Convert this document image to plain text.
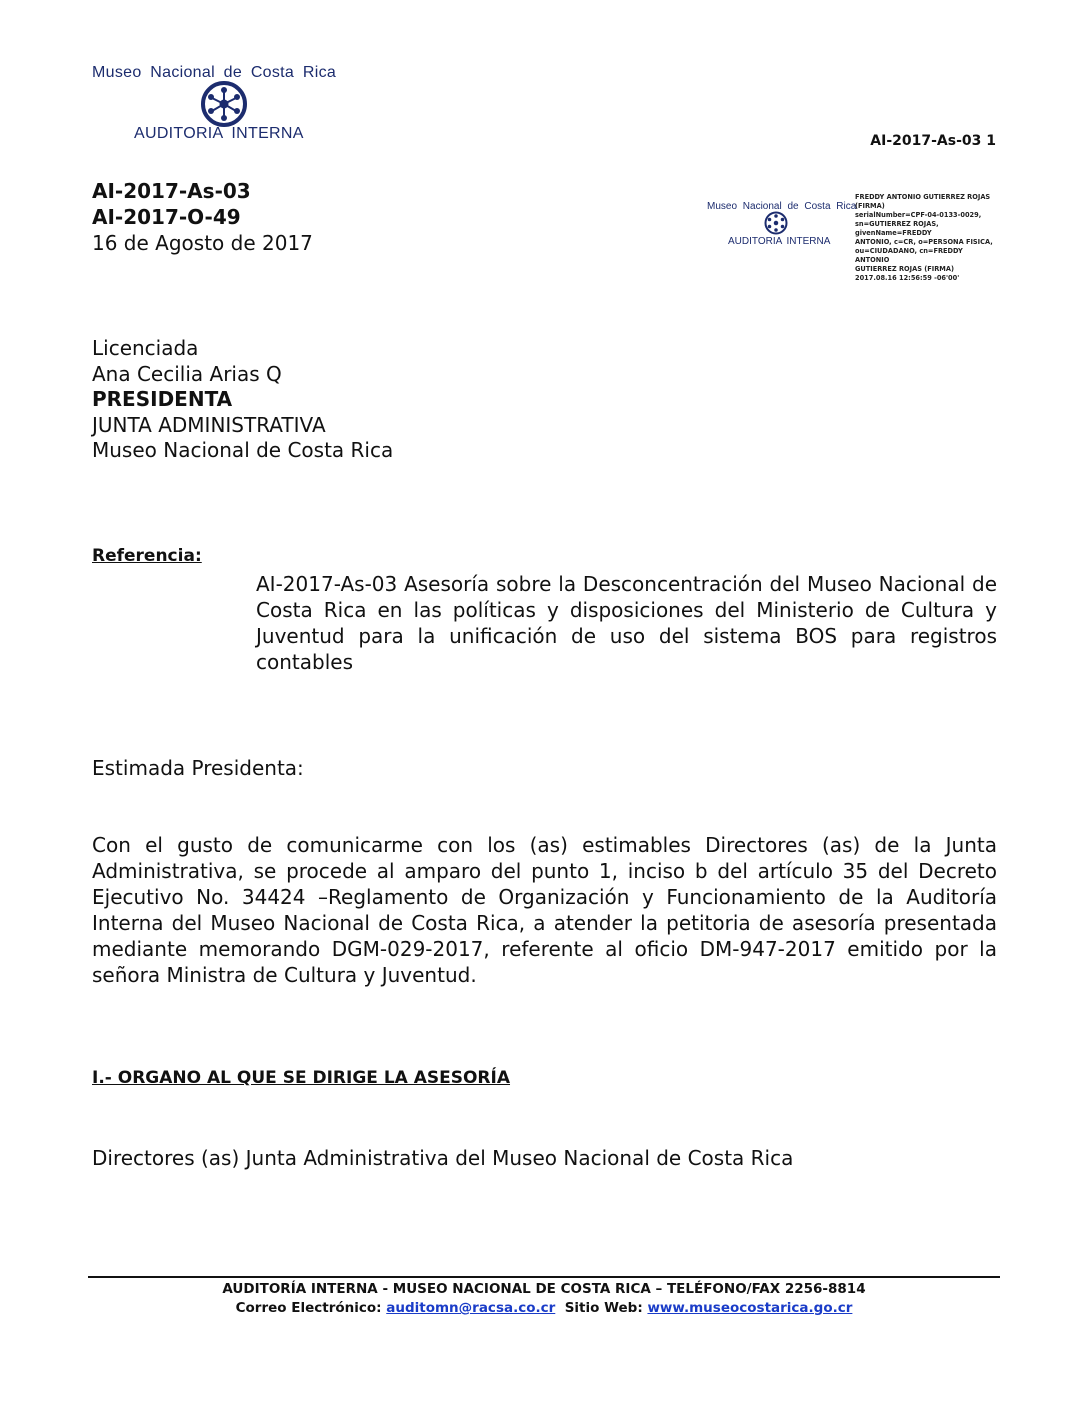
Museo Nacional de Costa Rica
AUDITORIA INTERNA	AI-2017-As-03 1
AI-2017-As-03
AI-2017-O-49
16 de Agosto de 2017
Museo Nacional de Costa Rica
AUDITORIA INTERNA
FREDDY ANTONIO GUTIERREZ ROJAS (FIRMA)
serialNumber=CPF-04-0133-0029,
sn=GUTIERREZ ROJAS, givenName=FREDDY
ANTONIO, c=CR, o=PERSONA FISICA,
ou=CIUDADANO, cn=FREDDY ANTONIO
GUTIERREZ ROJAS (FIRMA)
2017.08.16 12:56:59 -06'00'
Licenciada
Ana Cecilia Arias Q
PRESIDENTA
JUNTA ADMINISTRATIVA
Museo Nacional de Costa Rica
Referencia:
AI-2017-As-03 Asesoría sobre la Desconcentración del Museo Nacional de Costa Rica en las políticas y disposiciones del Ministerio de Cultura y Juventud para la unificación de uso del sistema BOS para registros contables
Estimada Presidenta:
Con el gusto de comunicarme con los (as) estimables Directores (as) de la Junta Administrativa, se procede al amparo del punto 1, inciso b del artículo 35 del Decreto Ejecutivo No. 34424 –Reglamento de Organización y Funcionamiento de la Auditoría Interna del Museo Nacional de Costa Rica, a atender la petitoria de asesoría presentada mediante memorando DGM-029-2017, referente al oficio DM-947-2017 emitido por la señora Ministra de Cultura y Juventud.
I.- ORGANO AL QUE SE DIRIGE LA ASESORÍA
Directores (as) Junta Administrativa del Museo Nacional de Costa Rica
AUDITORÍA INTERNA - MUSEO NACIONAL DE COSTA RICA – TELÉFONO/FAX 2256-8814
Correo Electrónico: auditomn@racsa.co.cr Sitio Web: www.museocostarica.go.cr
